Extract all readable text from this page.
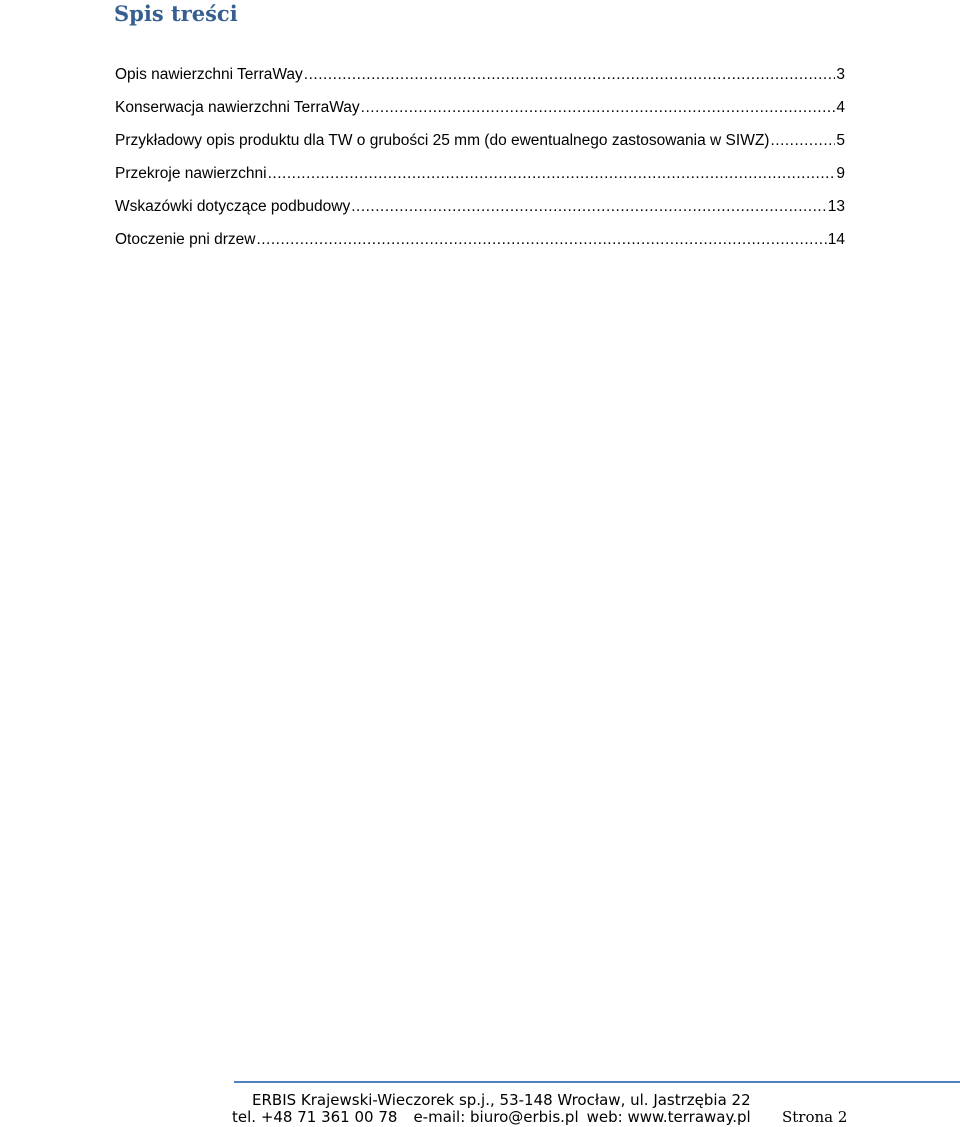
Spis treści
Opis nawierzchni TerraWay .....	3
Konserwacja nawierzchni TerraWay .....	4
Przykładowy opis produktu dla TW o grubości 25 mm (do ewentualnego zastosowania w SIWZ) .....	5
Przekroje nawierzchni .....	9
Wskazówki dotyczące podbudowy .....	13
Otoczenie pni drzew .....	14
ERBIS Krajewski-Wieczorek sp.j., 53-148 Wrocław, ul. Jastrzębia 22
tel. +48 71 361 00 78 e-mail: biuro@erbis.pl web: www.terraway.pl	Strona 2
